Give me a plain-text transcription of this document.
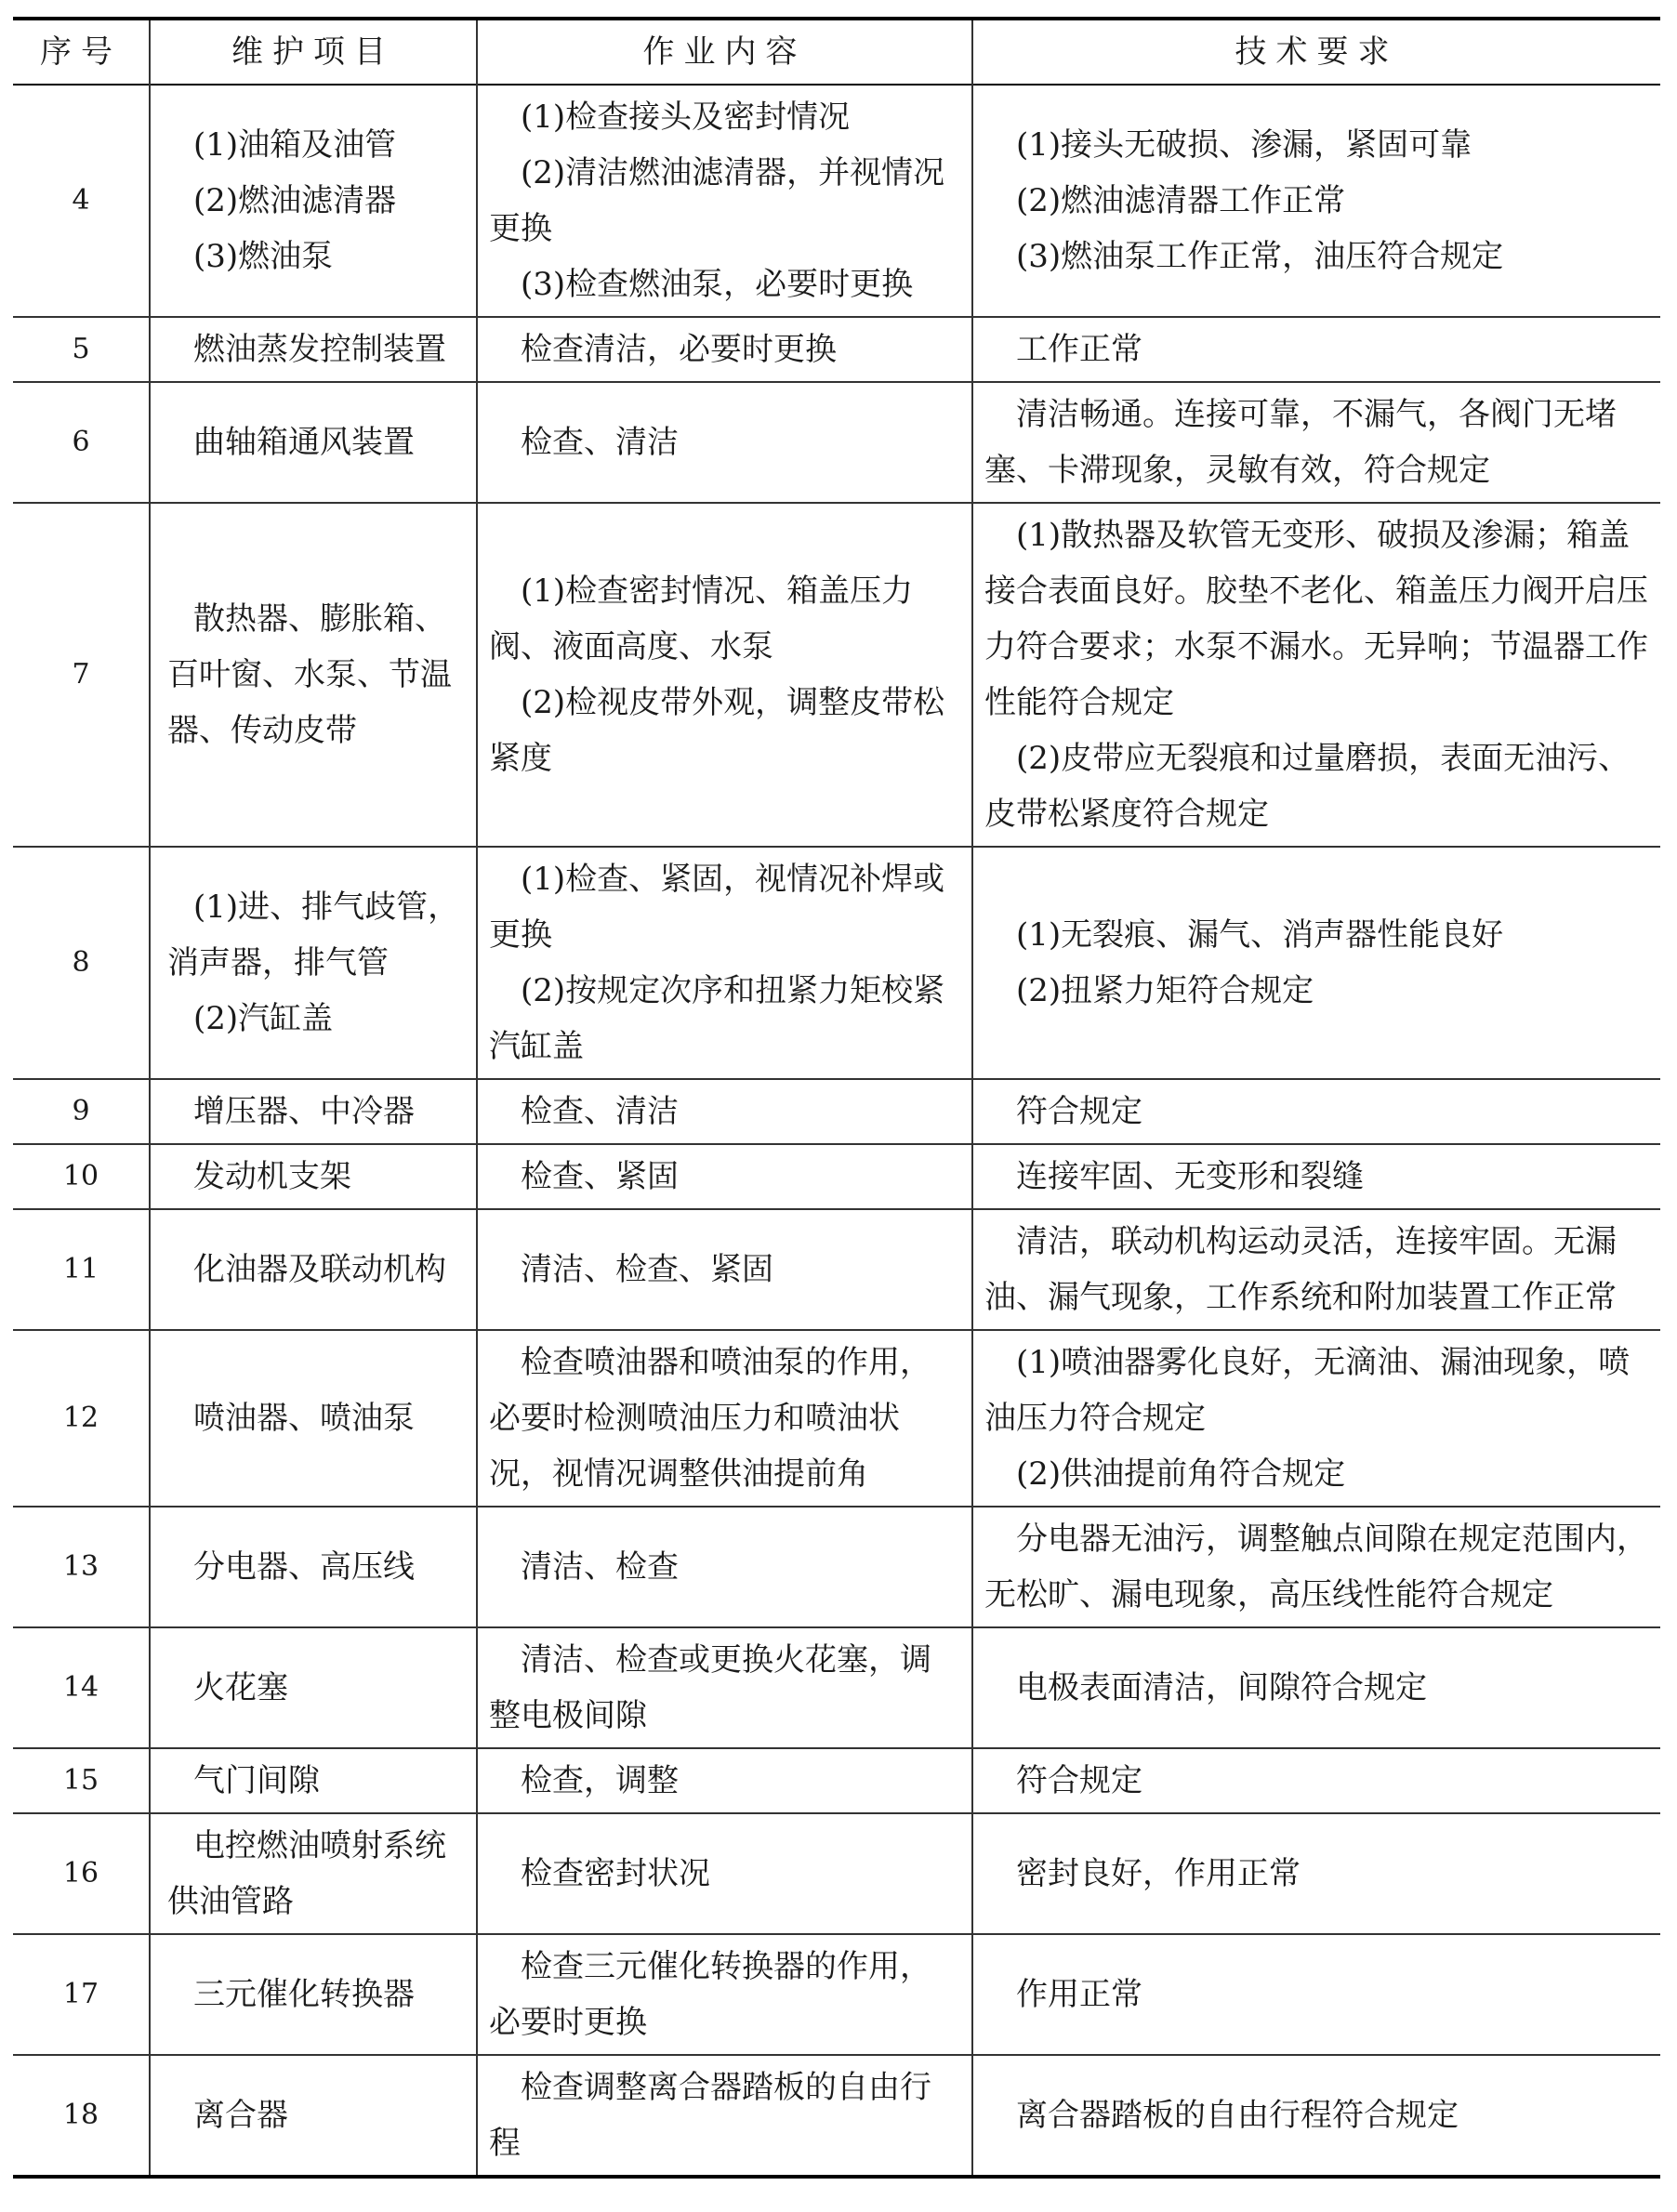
序号	维护项目	作业内容	技术要求
4	(1)油箱及油管
(2)燃油滤清器
(3)燃油泵	(1)检查接头及密封情况
(2)清洁燃油滤清器，并视情况更换
(3)检查燃油泵，必要时更换	(1)接头无破损、渗漏，紧固可靠
(2)燃油滤清器工作正常
(3)燃油泵工作正常，油压符合规定

5	燃油蒸发控制装置	检查清洁，必要时更换	工作正常

6	曲轴箱通风装置	检查、清洁	清洁畅通。连接可靠，不漏气，各阀门无堵塞、卡滞现象，灵敏有效，符合规定

7	散热器、膨胀箱、百叶窗、水泵、节温器、传动皮带	(1)检查密封情况、箱盖压力阀、液面高度、水泵
(2)检视皮带外观，调整皮带松紧度	(1)散热器及软管无变形、破损及渗漏；箱盖接合表面良好。胶垫不老化、箱盖压力阀开启压力符合要求；水泵不漏水。无异响；节温器工作性能符合规定
(2)皮带应无裂痕和过量磨损，表面无油污、皮带松紧度符合规定

8	(1)进、排气歧管，消声器，排气管
(2)汽缸盖	(1)检查、紧固，视情况补焊或更换
(2)按规定次序和扭紧力矩校紧汽缸盖	(1)无裂痕、漏气、消声器性能良好
(2)扭紧力矩符合规定

9	增压器、中冷器	检查、清洁	符合规定

10	发动机支架	检查、紧固	连接牢固、无变形和裂缝

11	化油器及联动机构	清洁、检查、紧固	清洁，联动机构运动灵活，连接牢固。无漏油、漏气现象，工作系统和附加装置工作正常

12	喷油器、喷油泵	检查喷油器和喷油泵的作用，必要时检测喷油压力和喷油状况，视情况调整供油提前角	(1)喷油器雾化良好，无滴油、漏油现象，喷油压力符合规定
(2)供油提前角符合规定

13	分电器、高压线	清洁、检查	分电器无油污，调整触点间隙在规定范围内，无松旷、漏电现象，高压线性能符合规定

14	火花塞	清洁、检查或更换火花塞，调整电极间隙	电极表面清洁，间隙符合规定

15	气门间隙	检查，调整	符合规定

16	电控燃油喷射系统供油管路	检查密封状况	密封良好，作用正常

17	三元催化转换器	检查三元催化转换器的作用，必要时更换	作用正常

18	离合器	检查调整离合器踏板的自由行程	离合器踏板的自由行程符合规定
